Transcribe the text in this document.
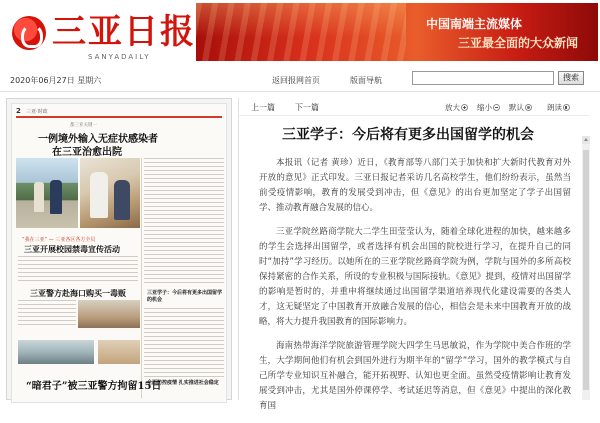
三亚日报
SANYADAILY
中国南端主流媒体
三亚最全面的大众新闻
2020年06月27日 星期六	返回报网首页	版面导航	搜索
2 三亚·时政
都三亚关键一
一例境外输入无症状感染者
在三亚治愈出院
三亚学子：今后将有更多出国留学的机会
全面防控疫情 扎实推进社会稳定
“我在三亚” — 三亚各区各方全员
三亚开展校园禁毒宣传活动
三亚警方赴海口购买一毒贩
“暗君子”被三亚警方拘留15日
上一篇	下一篇	放大	缩小	默认	朗读
三亚学子：今后将有更多出国留学的机会

本报讯（记者 黄珍）近日，《教育部等八部门关于加快和扩大新时代教育对外开放的意见》正式印发。三亚日报记者采访几名高校学生，他们纷纷表示，虽然当前受疫情影响，教育的发展受到冲击，但《意见》的出台更加坚定了学子出国留学、推动教育融合发展的信心。

三亚学院丝路商学院大二学生田莹莹认为，随着全球化进程的加快，越来越多的学生会选择出国留学，或者选择有机会出国的院校进行学习，在提升自己的同时“加持”学习经历。以她所在的三亚学院丝路商学院为例，学院与国外的多所高校保持紧密的合作关系，所设的专业积极与国际接轨。《意见》提到，疫情对出国留学的影响是暂时的，并重申将继续通过出国留学渠道培养现代化建设需要的各类人才，这无疑坚定了中国教育开放融合发展的信心，相信会是未来中国教育开放的战略，将大力提升我国教育的国际影响力。

海南热带海洋学院旅游管理学院大四学生马思敏说，作为学院中美合作班的学生，大学期间他们有机会到国外进行为期半年的“留学”学习，国外的教学模式与自己所学专业知识互补融合，能开拓视野、认知也更全面。虽然受疫情影响让教育发展受到冲击，尤其是国外停课停学、考试延迟等消息，但《意见》中提出的深化教育国
